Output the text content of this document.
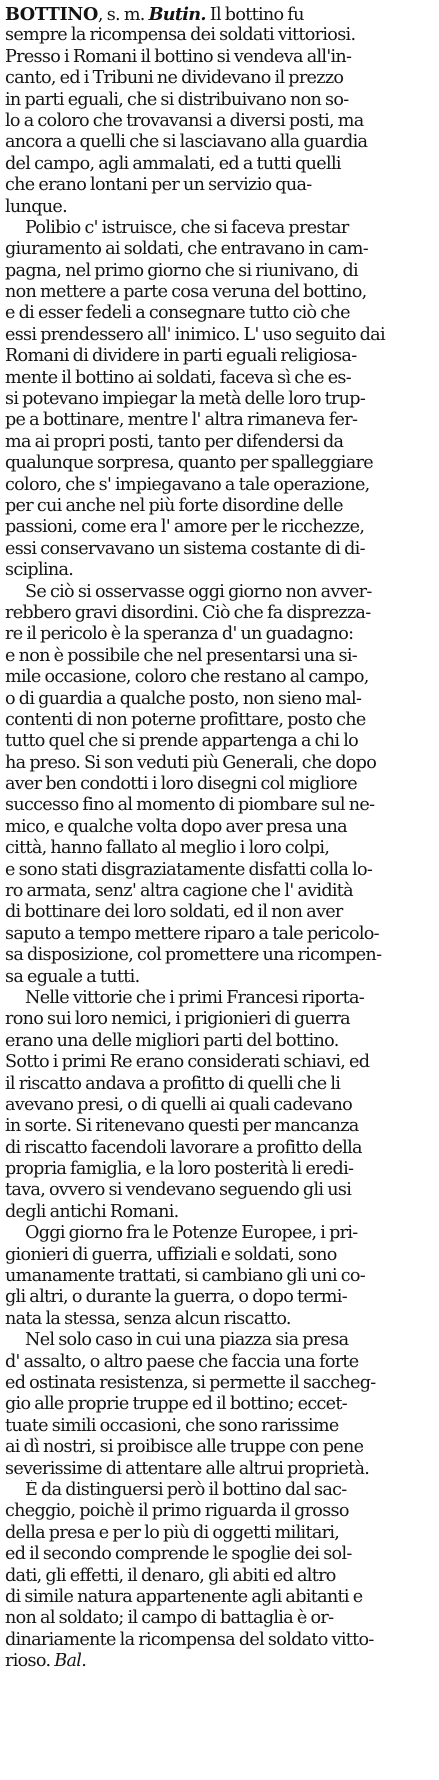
BOTTINO, s. m. Butin. Il bottino fu
sempre la ricompensa dei soldati vittoriosi.
Presso i Romani il bottino si vendeva all'in-
canto, ed i Tribuni ne dividevano il prezzo
in parti eguali, che si distribuivano non so-
lo a coloro che trovavansi a diversi posti, ma
ancora a quelli che si lasciavano alla guardia
del campo, agli ammalati, ed a tutti quelli
che erano lontani per un servizio qua-
lunque.
Polibio c' istruisce, che si faceva prestar
giuramento ai soldati, che entravano in cam-
pagna, nel primo giorno che si riunivano, di
non mettere a parte cosa veruna del bottino,
e di esser fedeli a consegnare tutto ciò che
essi prendessero all' inimico. L' uso seguito dai
Romani di dividere in parti eguali religiosa-
mente il bottino ai soldati, faceva sì che es-
si potevano impiegar la metà delle loro trup-
pe a bottinare, mentre l' altra rimaneva fer-
ma ai propri posti, tanto per difendersi da
qualunque sorpresa, quanto per spalleggiare
coloro, che s' impiegavano a tale operazione,
per cui anche nel più forte disordine delle
passioni, come era l' amore per le ricchezze,
essi conservavano un sistema costante di di-
sciplina.
Se ciò si osservasse oggi giorno non avver-
rebbero gravi disordini. Ciò che fa disprezza-
re il pericolo è la speranza d' un guadagno:
e non è possibile che nel presentarsi una si-
mile occasione, coloro che restano al campo,
o di guardia a qualche posto, non sieno mal-
contenti di non poterne profittare, posto che
tutto quel che si prende appartenga a chi lo
ha preso. Si son veduti più Generali, che dopo
aver ben condotti i loro disegni col migliore
successo fino al momento di piombare sul ne-
mico, e qualche volta dopo aver presa una
città, hanno fallato al meglio i loro colpi,
e sono stati disgraziatamente disfatti colla lo-
ro armata, senz' altra cagione che l' avidità
di bottinare dei loro soldati, ed il non aver
saputo a tempo mettere riparo a tale pericolo-
sa disposizione, col promettere una ricompen-
sa eguale a tutti.
Nelle vittorie che i primi Francesi riporta-
rono sui loro nemici, i prigionieri di guerra
erano una delle migliori parti del bottino.
Sotto i primi Re erano considerati schiavi, ed
il riscatto andava a profitto di quelli che li
avevano presi, o di quelli ai quali cadevano
in sorte. Si ritenevano questi per mancanza
di riscatto facendoli lavorare a profitto della
propria famiglia, e la loro posterità li eredi-
tava, ovvero si vendevano seguendo gli usi
degli antichi Romani.
Oggi giorno fra le Potenze Europee, i pri-
gionieri di guerra, uffiziali e soldati, sono
umanamente trattati, si cambiano gli uni co-
gli altri, o durante la guerra, o dopo termi-
nata la stessa, senza alcun riscatto.
Nel solo caso in cui una piazza sia presa
d' assalto, o altro paese che faccia una forte
ed ostinata resistenza, si permette il saccheg-
gio alle proprie truppe ed il bottino; eccet-
tuate simili occasioni, che sono rarissime
ai dì nostri, si proibisce alle truppe con pene
severissime di attentare alle altrui proprietà.
È da distinguersi però il bottino dal sac-
cheggio, poichè il primo riguarda il grosso
della presa e per lo più di oggetti militari,
ed il secondo comprende le spoglie dei sol-
dati, gli effetti, il denaro, gli abiti ed altro
di simile natura appartenente agli abitanti e
non al soldato; il campo di battaglia è or-
dinariamente la ricompensa del soldato vitto-
rioso. Bal.
